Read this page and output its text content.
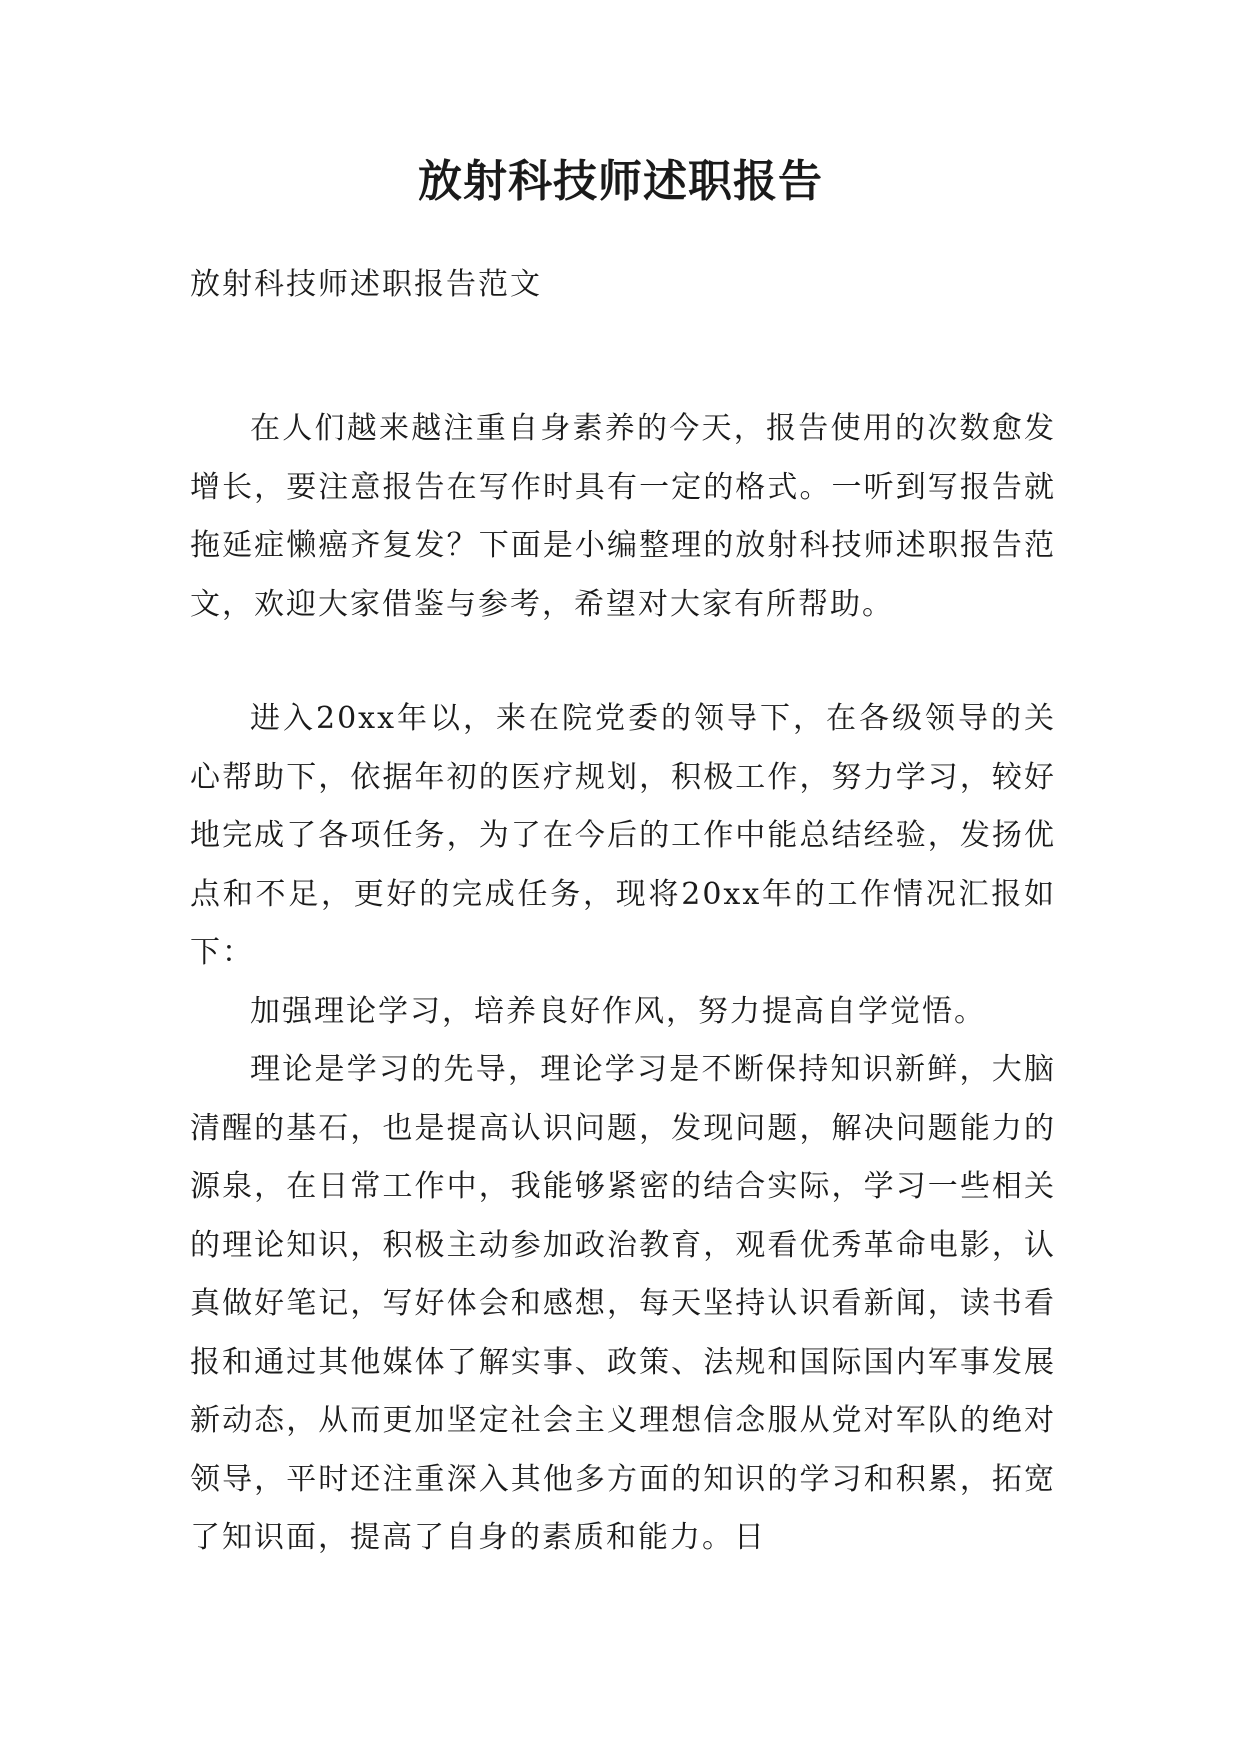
放射科技师述职报告

放射科技师述职报告范文

在人们越来越注重自身素养的今天，报告使用的次数愈发增长，要注意报告在写作时具有一定的格式。一听到写报告就拖延症懒癌齐复发？下面是小编整理的放射科技师述职报告范文，欢迎大家借鉴与参考，希望对大家有所帮助。

进入20xx年以，来在院党委的领导下，在各级领导的关心帮助下，依据年初的医疗规划，积极工作，努力学习，较好地完成了各项任务，为了在今后的工作中能总结经验，发扬优点和不足，更好的完成任务，现将20xx年的工作情况汇报如下：

加强理论学习，培养良好作风，努力提高自学觉悟。

理论是学习的先导，理论学习是不断保持知识新鲜，大脑清醒的基石，也是提高认识问题，发现问题，解决问题能力的源泉，在日常工作中，我能够紧密的结合实际，学习一些相关的理论知识，积极主动参加政治教育，观看优秀革命电影，认真做好笔记，写好体会和感想，每天坚持认识看新闻，读书看报和通过其他媒体了解实事、政策、法规和国际国内军事发展新动态，从而更加坚定社会主义理想信念服从党对军队的绝对领导，平时还注重深入其他多方面的知识的学习和积累，拓宽了知识面，提高了自身的素质和能力。日
